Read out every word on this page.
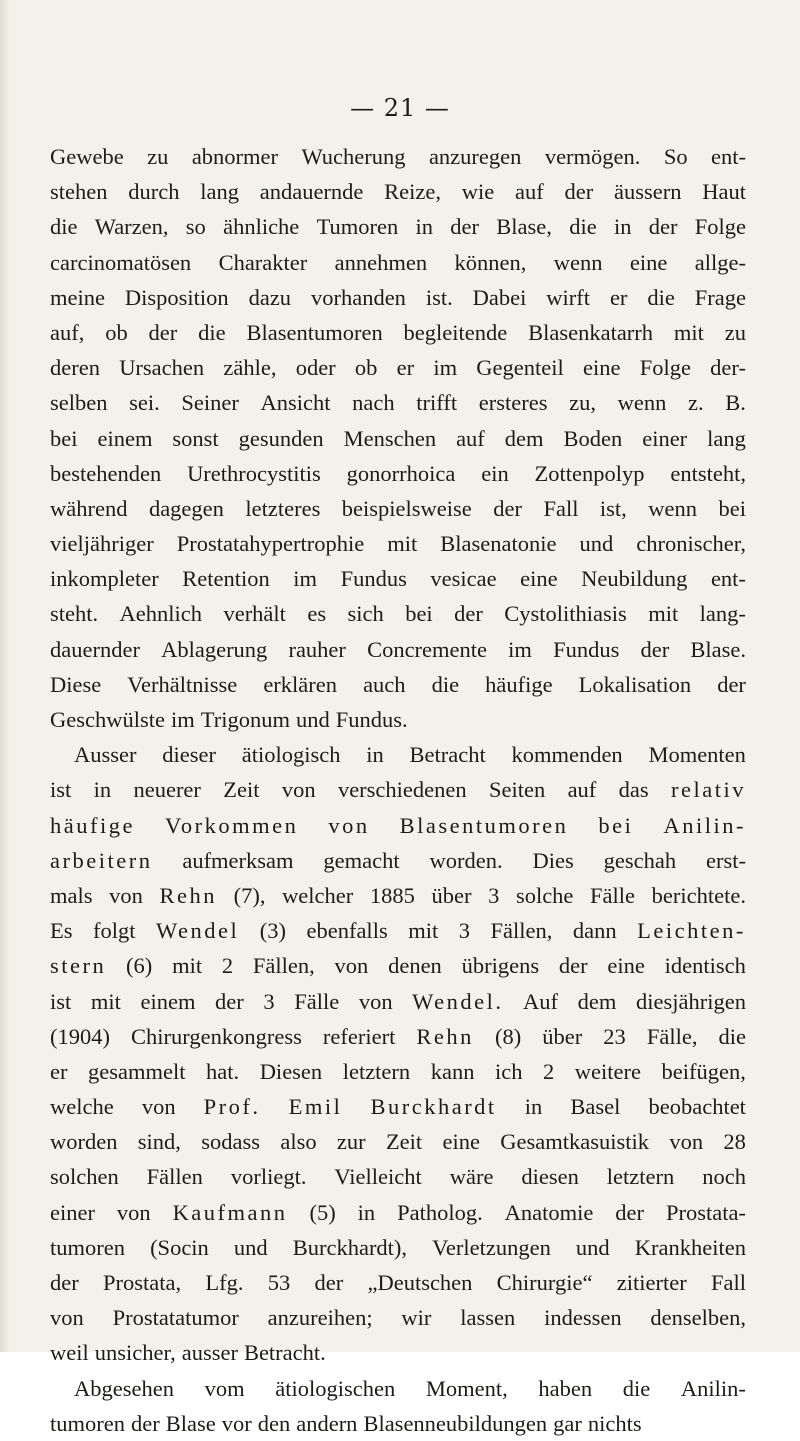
— 21 —
Gewebe zu abnormer Wucherung anzuregen vermögen. So ent-
stehen durch lang andauernde Reize, wie auf der äussern Haut
die Warzen, so ähnliche Tumoren in der Blase, die in der Folge
carcinomatösen Charakter annehmen können, wenn eine allge-
meine Disposition dazu vorhanden ist. Dabei wirft er die Frage
auf, ob der die Blasentumoren begleitende Blasenkatarrh mit zu
deren Ursachen zähle, oder ob er im Gegenteil eine Folge der-
selben sei. Seiner Ansicht nach trifft ersteres zu, wenn z. B.
bei einem sonst gesunden Menschen auf dem Boden einer lang
bestehenden Urethrocystitis gonorrhoica ein Zottenpolyp entsteht,
während dagegen letzteres beispielsweise der Fall ist, wenn bei
vieljähriger Prostatahypertrophie mit Blasenatonie und chronischer,
inkompleter Retention im Fundus vesicae eine Neubildung ent-
steht. Aehnlich verhält es sich bei der Cystolithiasis mit lang-
dauernder Ablagerung rauher Concremente im Fundus der Blase.
Diese Verhältnisse erklären auch die häufige Lokalisation der
Geschwülste im Trigonum und Fundus.
Ausser dieser ätiologisch in Betracht kommenden Momenten
ist in neuerer Zeit von verschiedenen Seiten auf das relativ
häufige Vorkommen von Blasentumoren bei Anilin-
arbeitern aufmerksam gemacht worden. Dies geschah erst-
mals von Rehn (7), welcher 1885 über 3 solche Fälle berichtete.
Es folgt Wendel (3) ebenfalls mit 3 Fällen, dann Leichten-
stern (6) mit 2 Fällen, von denen übrigens der eine identisch
ist mit einem der 3 Fälle von Wendel. Auf dem diesjährigen
(1904) Chirurgenkongress referiert Rehn (8) über 23 Fälle, die
er gesammelt hat. Diesen letztern kann ich 2 weitere beifügen,
welche von Prof. Emil Burckhardt in Basel beobachtet
worden sind, sodass also zur Zeit eine Gesamtkasuistik von 28
solchen Fällen vorliegt. Vielleicht wäre diesen letztern noch
einer von Kaufmann (5) in Patholog. Anatomie der Prostata-
tumoren (Socin und Burckhardt), Verletzungen und Krankheiten
der Prostata, Lfg. 53 der „Deutschen Chirurgie“ zitierter Fall
von Prostatatumor anzureihen; wir lassen indessen denselben,
weil unsicher, ausser Betracht.
Abgesehen vom ätiologischen Moment, haben die Anilin-
tumoren der Blase vor den andern Blasenneubildungen gar nichts
